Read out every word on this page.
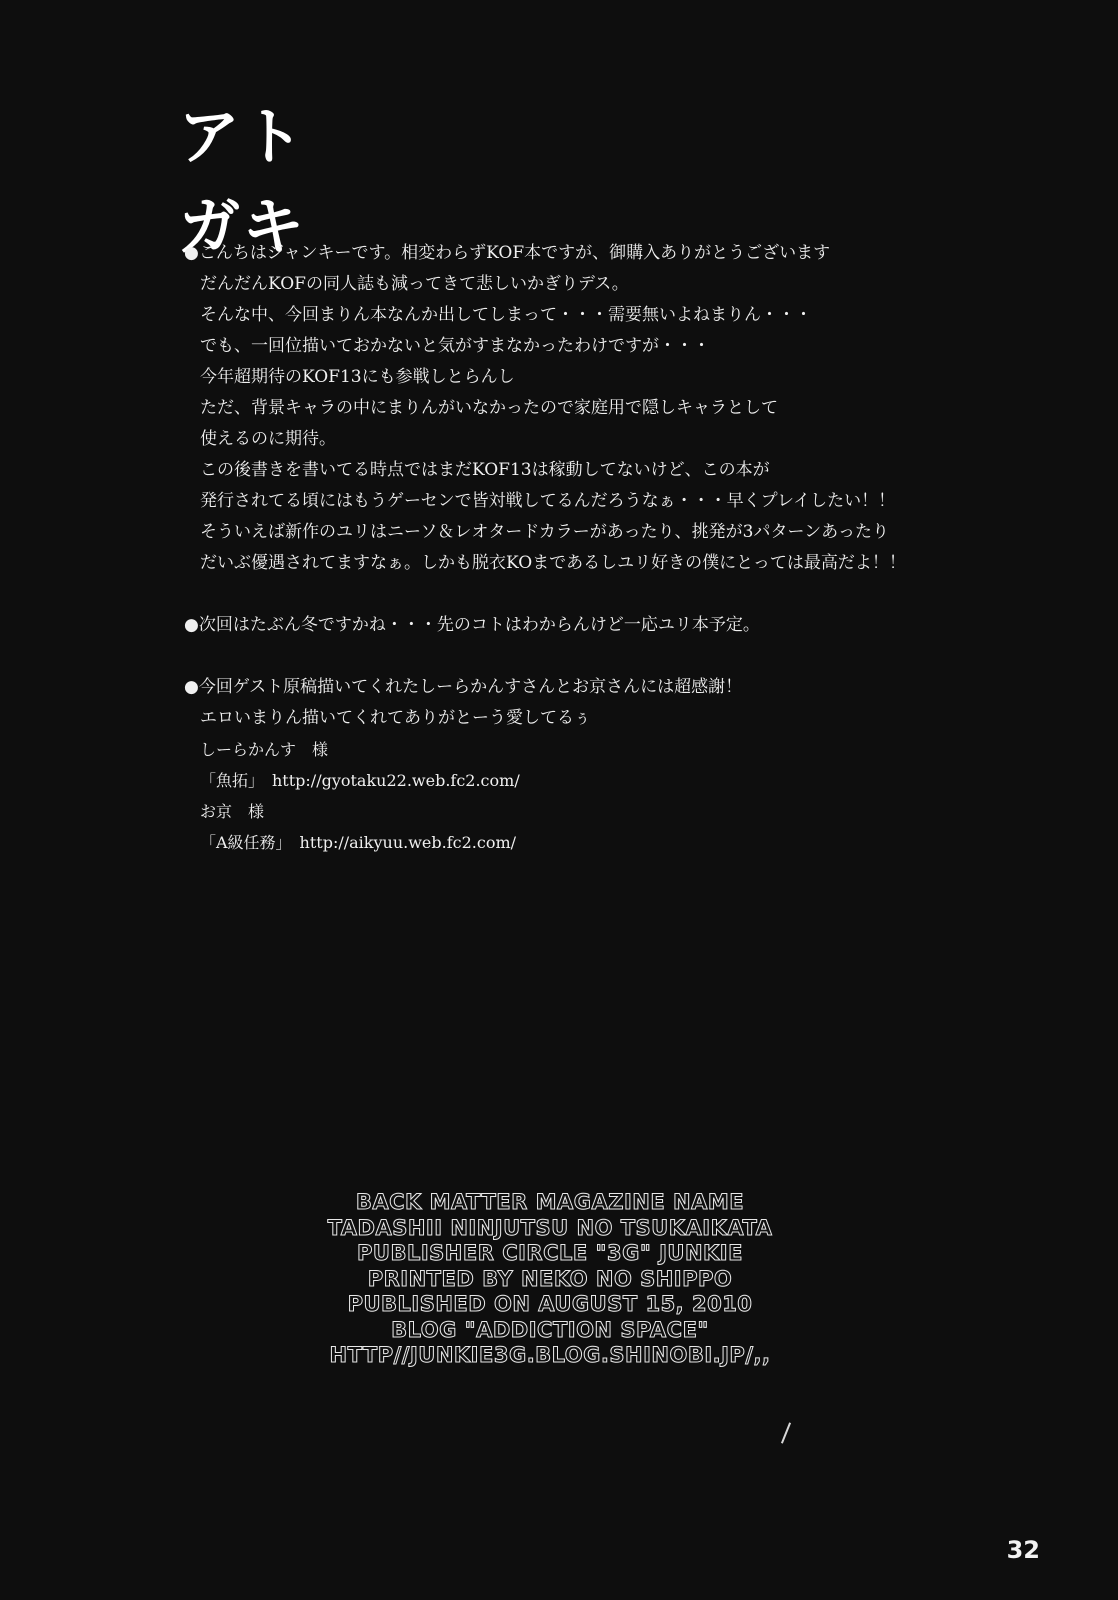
アト
ガキ
●こんちはジャンキーです。相変わらずKOF本ですが、御購入ありがとうございます
だんだんKOFの同人誌も減ってきて悲しいかぎりデス。
そんな中、今回まりん本なんか出してしまって・・・需要無いよねまりん・・・
でも、一回位描いておかないと気がすまなかったわけですが・・・
今年超期待のKOF13にも参戦しとらんし
ただ、背景キャラの中にまりんがいなかったので家庭用で隠しキャラとして
使えるのに期待。
この後書きを書いてる時点ではまだKOF13は稼動してないけど、この本が
発行されてる頃にはもうゲーセンで皆対戦してるんだろうなぁ・・・早くプレイしたい！！
そういえば新作のユリはニーソ＆レオタードカラーがあったり、挑発が3パターンあったり
だいぶ優遇されてますなぁ。しかも脱衣KOまであるしユリ好きの僕にとっては最高だよ！！
●次回はたぶん冬ですかね・・・先のコトはわからんけど一応ユリ本予定。
●今回ゲスト原稿描いてくれたしーらかんすさんとお京さんには超感謝！
エロいまりん描いてくれてありがとーう愛してるぅ
しーらかんす　様
「魚拓」　http://gyotaku22.web.fc2.com/
お京　様
「A級任務」　http://aikyuu.web.fc2.com/
BACK MATTER MAGAZINE NAME
TADASHII NINJUTSU NO TSUKAIKATA
PUBLISHER CIRCLE "3G" JUNKIE
PRINTED BY NEKO NO SHIPPO
PUBLISHED ON AUGUST 15, 2010
BLOG "ADDICTION SPACE"
HTTP//JUNKIE3G.BLOG.SHINOBI.JP/,,
32
